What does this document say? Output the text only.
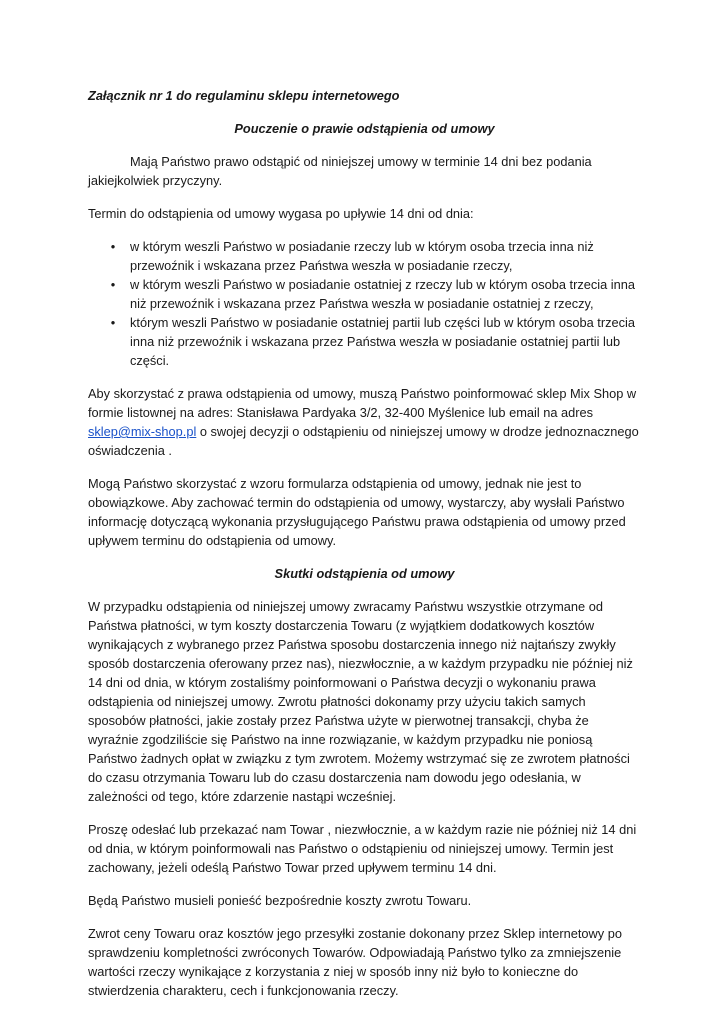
Załącznik nr 1 do regulaminu sklepu internetowego

Pouczenie o prawie odstąpienia od umowy

Mają Państwo prawo odstąpić od niniejszej umowy w terminie 14 dni bez podania jakiejkolwiek przyczyny.

Termin do odstąpienia od umowy wygasa po upływie 14 dni od dnia:

• w którym weszli Państwo w posiadanie rzeczy lub w którym osoba trzecia inna niż przewoźnik i wskazana przez Państwa weszła w posiadanie rzeczy,
• w którym weszli Państwo w posiadanie ostatniej z rzeczy lub w którym osoba trzecia inna niż przewoźnik i wskazana przez Państwa weszła w posiadanie ostatniej z rzeczy,
• którym weszli Państwo w posiadanie ostatniej partii lub części lub w którym osoba trzecia inna niż przewoźnik i wskazana przez Państwa weszła w posiadanie ostatniej partii lub części.

Aby skorzystać z prawa odstąpienia od umowy, muszą Państwo poinformować sklep Mix Shop w formie listownej na adres: Stanisława Pardyaka 3/2, 32-400 Myślenice lub email na adres sklep@mix-shop.pl o swojej decyzji o odstąpieniu od niniejszej umowy w drodze jednoznacznego oświadczenia .

Mogą Państwo skorzystać z wzoru formularza odstąpienia od umowy, jednak nie jest to obowiązkowe. Aby zachować termin do odstąpienia od umowy, wystarczy, aby wysłali Państwo informację dotyczącą wykonania przysługującego Państwu prawa odstąpienia od umowy przed upływem terminu do odstąpienia od umowy.

Skutki odstąpienia od umowy

W przypadku odstąpienia od niniejszej umowy zwracamy Państwu wszystkie otrzymane od Państwa płatności, w tym koszty dostarczenia Towaru (z wyjątkiem dodatkowych kosztów wynikających z wybranego przez Państwa sposobu dostarczenia innego niż najtańszy zwykły sposób dostarczenia oferowany przez nas), niezwłocznie, a w każdym przypadku nie później niż 14 dni od dnia, w którym zostaliśmy poinformowani o Państwa decyzji o wykonaniu prawa odstąpienia od niniejszej umowy. Zwrotu płatności dokonamy przy użyciu takich samych sposobów płatności, jakie zostały przez Państwa użyte w pierwotnej transakcji, chyba że wyraźnie zgodziliście się Państwo na inne rozwiązanie, w każdym przypadku nie poniosą Państwo żadnych opłat w związku z tym zwrotem. Możemy wstrzymać się ze zwrotem płatności do czasu otrzymania Towaru lub do czasu dostarczenia nam dowodu jego odesłania, w zależności od tego, które zdarzenie nastąpi wcześniej.

Proszę odesłać lub przekazać nam Towar , niezwłocznie, a w każdym razie nie później niż 14 dni od dnia, w którym poinformowali nas Państwo o odstąpieniu od niniejszej umowy. Termin jest zachowany, jeżeli odeślą Państwo Towar przed upływem terminu 14 dni.

Będą Państwo musieli ponieść bezpośrednie koszty zwrotu Towaru.

Zwrot ceny Towaru oraz kosztów jego przesyłki zostanie dokonany przez Sklep internetowy po sprawdzeniu kompletności zwróconych Towarów. Odpowiadają Państwo tylko za zmniejszenie wartości rzeczy wynikające z korzystania z niej w sposób inny niż było to konieczne do stwierdzenia charakteru, cech i funkcjonowania rzeczy.
